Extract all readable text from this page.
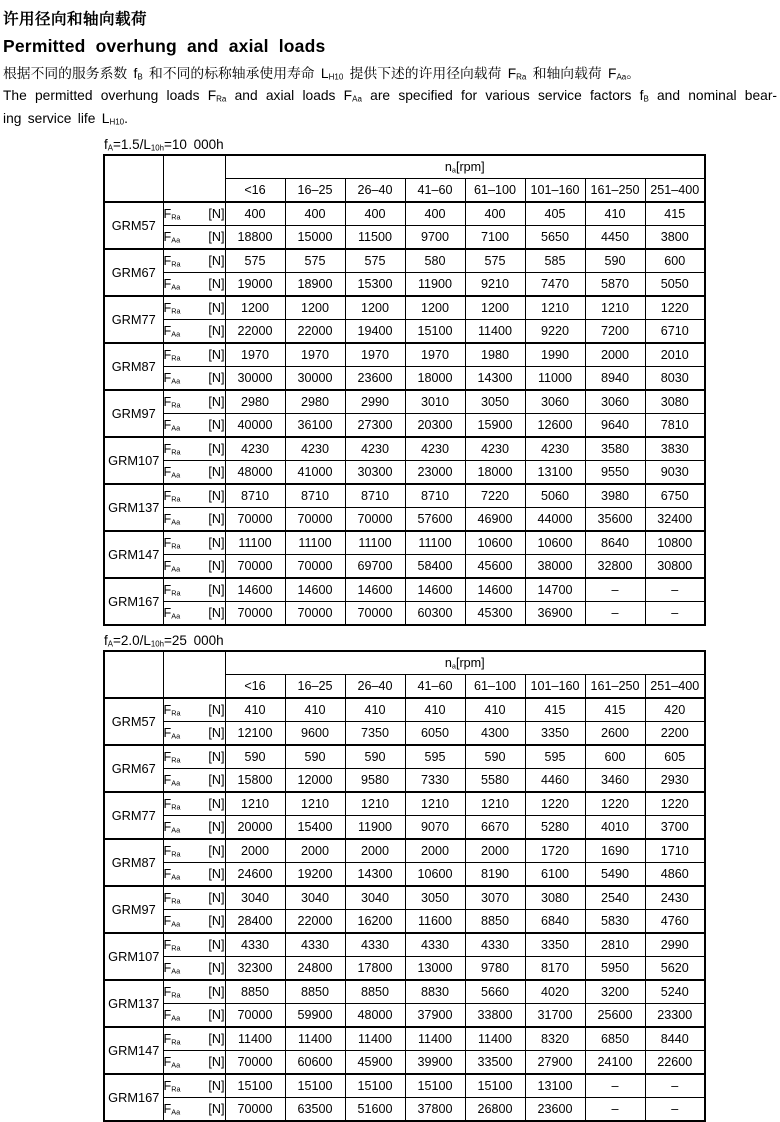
许用径向和轴向载荷
Permitted overhung and axial loads
根据不同的服务系数 $f_B$ 和不同的标称轴承使用寿命 $L_{H10}$ 提供下述的许用径向载荷 $F_{Ra}$ 和轴向载荷 $F_{Aa}$。
The permitted overhung loads $F_{Ra}$ and axial loads $F_{Aa}$ are specified for various service factors $f_B$ and nominal bear-
ing service life $L_{H10}$.
$f_A=1.5/L_{10h}=10$ 000h
		$n_a[rpm]$							
		<16	16–25	26–40	41–60	61–100	101–160	161–250	251–400
GRM57	$F_{Ra}$ [N]	400	400	400	400	400	405	410	415

	$F_{Aa}$ [N]	18800	15000	11500	9700	7100	5650	4450	3800
GRM67	$F_{Ra}$ [N]	575	575	575	580	575	585	590	600

	$F_{Aa}$ [N]	19000	18900	15300	11900	9210	7470	5870	5050
GRM77	$F_{Ra}$ [N]	1200	1200	1200	1200	1200	1210	1210	1220

	$F_{Aa}$ [N]	22000	22000	19400	15100	11400	9220	7200	6710
GRM87	$F_{Ra}$ [N]	1970	1970	1970	1970	1980	1990	2000	2010

	$F_{Aa}$ [N]	30000	30000	23600	18000	14300	11000	8940	8030
GRM97	$F_{Ra}$ [N]	2980	2980	2990	3010	3050	3060	3060	3080

	$F_{Aa}$ [N]	40000	36100	27300	20300	15900	12600	9640	7810
GRM107	$F_{Ra}$ [N]	4230	4230	4230	4230	4230	4230	3580	3830

	$F_{Aa}$ [N]	48000	41000	30300	23000	18000	13100	9550	9030
GRM137	$F_{Ra}$ [N]	8710	8710	8710	8710	7220	5060	3980	6750

	$F_{Aa}$ [N]	70000	70000	70000	57600	46900	44000	35600	32400
GRM147	$F_{Ra}$ [N]	11100	11100	11100	11100	10600	10600	8640	10800

	$F_{Aa}$ [N]	70000	70000	69700	58400	45600	38000	32800	30800
GRM167	$F_{Ra}$ [N]	14600	14600	14600	14600	14600	14700	–	–

	$F_{Aa}$ [N]	70000	70000	70000	60300	45300	36900	–	–
$f_A=2.0/L_{10h}=25$ 000h
		$n_a[rpm]$							
		<16	16–25	26–40	41–60	61–100	101–160	161–250	251–400
GRM57	$F_{Ra}$ [N]	410	410	410	410	410	415	415	420

	$F_{Aa}$ [N]	12100	9600	7350	6050	4300	3350	2600	2200
GRM67	$F_{Ra}$ [N]	590	590	590	595	590	595	600	605

	$F_{Aa}$ [N]	15800	12000	9580	7330	5580	4460	3460	2930
GRM77	$F_{Ra}$ [N]	1210	1210	1210	1210	1210	1220	1220	1220

	$F_{Aa}$ [N]	20000	15400	11900	9070	6670	5280	4010	3700
GRM87	$F_{Ra}$ [N]	2000	2000	2000	2000	2000	1720	1690	1710

	$F_{Aa}$ [N]	24600	19200	14300	10600	8190	6100	5490	4860
GRM97	$F_{Ra}$ [N]	3040	3040	3040	3050	3070	3080	2540	2430

	$F_{Aa}$ [N]	28400	22000	16200	11600	8850	6840	5830	4760
GRM107	$F_{Ra}$ [N]	4330	4330	4330	4330	4330	3350	2810	2990

	$F_{Aa}$ [N]	32300	24800	17800	13000	9780	8170	5950	5620
GRM137	$F_{Ra}$ [N]	8850	8850	8850	8830	5660	4020	3200	5240

	$F_{Aa}$ [N]	70000	59900	48000	37900	33800	31700	25600	23300
GRM147	$F_{Ra}$ [N]	11400	11400	11400	11400	11400	8320	6850	8440

	$F_{Aa}$ [N]	70000	60600	45900	39900	33500	27900	24100	22600
GRM167	$F_{Ra}$ [N]	15100	15100	15100	15100	15100	13100	–	–

	$F_{Aa}$ [N]	70000	63500	51600	37800	26800	23600	–	–
